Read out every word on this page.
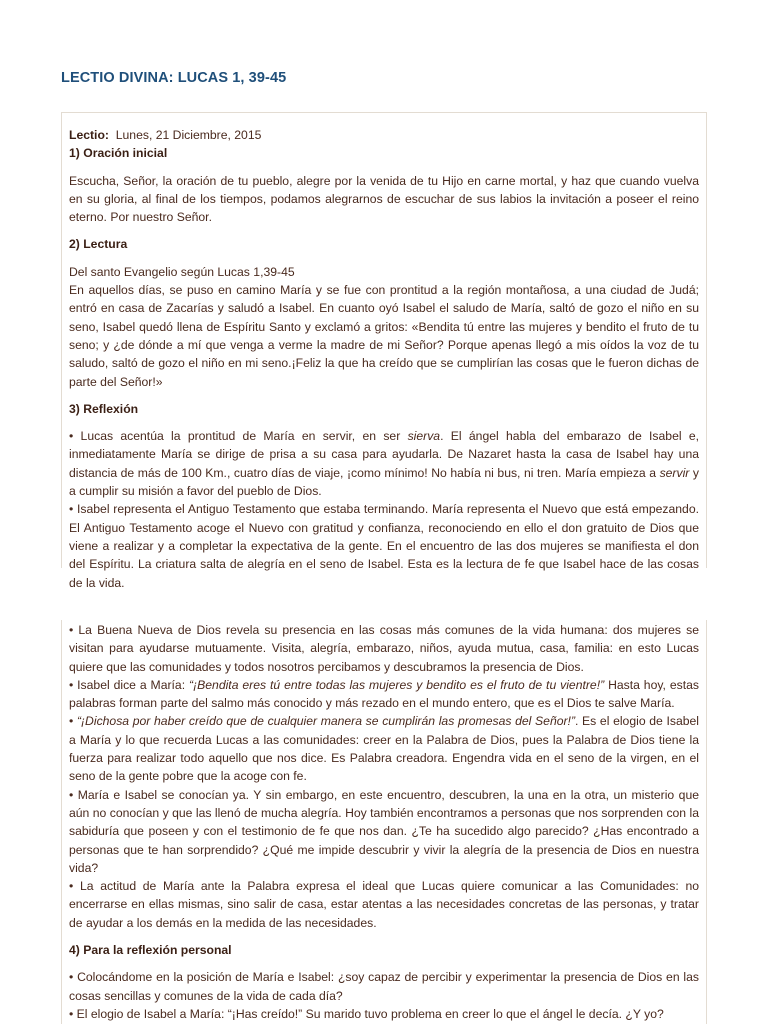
LECTIO DIVINA: LUCAS 1, 39-45

Lectio: Lunes, 21 Diciembre, 2015

1) Oración inicial

Escucha, Señor, la oración de tu pueblo, alegre por la venida de tu Hijo en carne mortal, y haz que cuando vuelva en su gloria, al final de los tiempos, podamos alegrarnos de escuchar de sus labios la invitación a poseer el reino eterno. Por nuestro Señor.

2) Lectura

Del santo Evangelio según Lucas 1,39-45

En aquellos días, se puso en camino María y se fue con prontitud a la región montañosa, a una ciudad de Judá; entró en casa de Zacarías y saludó a Isabel. En cuanto oyó Isabel el saludo de María, saltó de gozo el niño en su seno, Isabel quedó llena de Espíritu Santo y exclamó a gritos: «Bendita tú entre las mujeres y bendito el fruto de tu seno; y ¿de dónde a mí que venga a verme la madre de mi Señor? Porque apenas llegó a mis oídos la voz de tu saludo, saltó de gozo el niño en mi seno.¡Feliz la que ha creído que se cumplirían las cosas que le fueron dichas de parte del Señor!»

3) Reflexión

• Lucas acentúa la prontitud de María en servir, en ser sierva. El ángel habla del embarazo de Isabel e, inmediatamente María se dirige de prisa a su casa para ayudarla. De Nazaret hasta la casa de Isabel hay una distancia de más de 100 Km., cuatro días de viaje, ¡como mínimo! No había ni bus, ni tren. María empieza a servir y a cumplir su misión a favor del pueblo de Dios.

• Isabel representa el Antiguo Testamento que estaba terminando. María representa el Nuevo que está empezando. El Antiguo Testamento acoge el Nuevo con gratitud y confianza, reconociendo en ello el don gratuito de Dios que viene a realizar y a completar la expectativa de la gente. En el encuentro de las dos mujeres se manifiesta el don del Espíritu. La criatura salta de alegría en el seno de Isabel. Esta es la lectura de fe que Isabel hace de las cosas de la vida.

• La Buena Nueva de Dios revela su presencia en las cosas más comunes de la vida humana: dos mujeres se visitan para ayudarse mutuamente. Visita, alegría, embarazo, niños, ayuda mutua, casa, familia: en esto Lucas quiere que las comunidades y todos nosotros percibamos y descubramos la presencia de Dios.

• Isabel dice a María: “¡Bendita eres tú entre todas las mujeres y bendito es el fruto de tu vientre!” Hasta hoy, estas palabras forman parte del salmo más conocido y más rezado en el mundo entero, que es el Dios te salve María.

• “¡Dichosa por haber creído que de cualquier manera se cumplirán las promesas del Señor!”. Es el elogio de Isabel a María y lo que recuerda Lucas a las comunidades: creer en la Palabra de Dios, pues la Palabra de Dios tiene la fuerza para realizar todo aquello que nos dice. Es Palabra creadora. Engendra vida en el seno de la virgen, en el seno de la gente pobre que la acoge con fe.

• María e Isabel se conocían ya. Y sin embargo, en este encuentro, descubren, la una en la otra, un misterio que aún no conocían y que las llenó de mucha alegría. Hoy también encontramos a personas que nos sorprenden con la sabiduría que poseen y con el testimonio de fe que nos dan. ¿Te ha sucedido algo parecido? ¿Has encontrado a personas que te han sorprendido? ¿Qué me impide descubrir y vivir la alegría de la presencia de Dios en nuestra vida?

• La actitud de María ante la Palabra expresa el ideal que Lucas quiere comunicar a las Comunidades: no encerrarse en ellas mismas, sino salir de casa, estar atentas a las necesidades concretas de las personas, y tratar de ayudar a los demás en la medida de las necesidades.

4) Para la reflexión personal

• Colocándome en la posición de María e Isabel: ¿soy capaz de percibir y experimentar la presencia de Dios en las cosas sencillas y comunes de la vida de cada día?

• El elogio de Isabel a María: “¡Has creído!” Su marido tuvo problema en creer lo que el ángel le decía. ¿Y yo?
